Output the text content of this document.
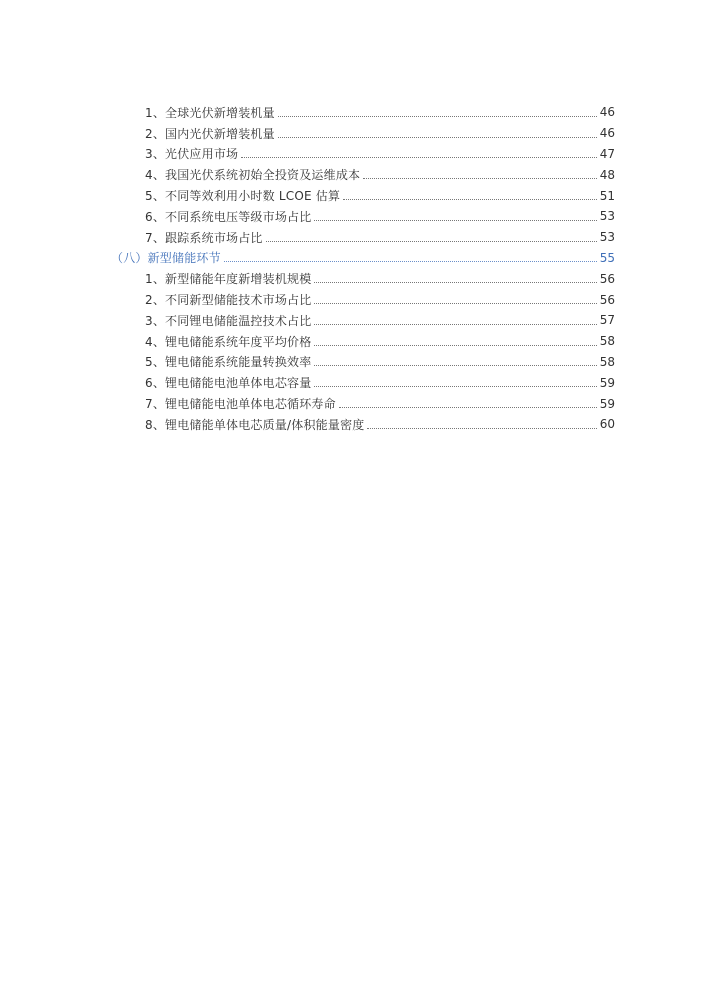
1、全球光伏新增装机量	46
2、国内光伏新增装机量	46
3、光伏应用市场	47
4、我国光伏系统初始全投资及运维成本	48
5、不同等效利用小时数 LCOE 估算	51
6、不同系统电压等级市场占比	53
7、跟踪系统市场占比	53
（八）新型储能环节	55
1、新型储能年度新增装机规模	56
2、不同新型储能技术市场占比	56
3、不同锂电储能温控技术占比	57
4、锂电储能系统年度平均价格	58
5、锂电储能系统能量转换效率	58
6、锂电储能电池单体电芯容量	59
7、锂电储能电池单体电芯循环寿命	59
8、锂电储能单体电芯质量/体积能量密度	60
